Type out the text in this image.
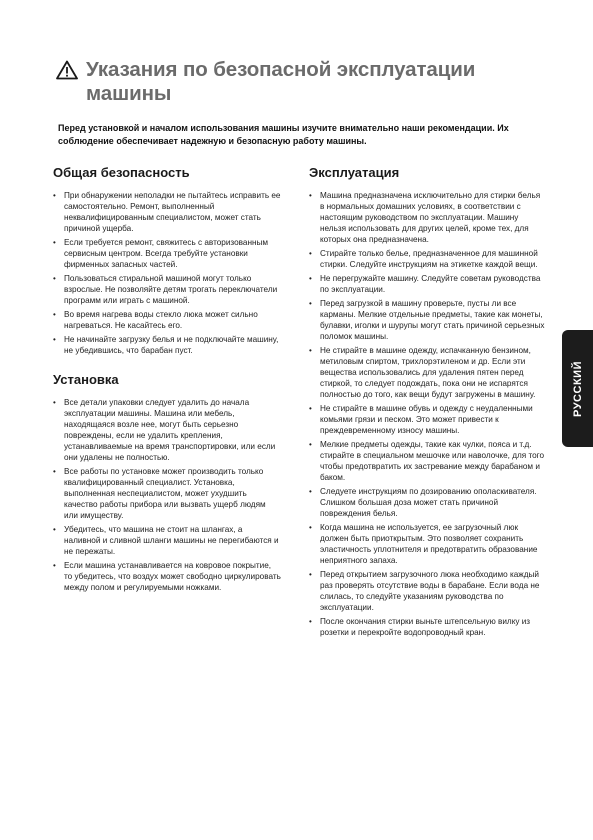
Указания по безопасной эксплуатации машины
Перед установкой и началом использования машины изучите внимательно наши рекомендации. Их соблюдение обеспечивает надежную и безопасную работу машины.
Общая безопасность
• При обнаружении неполадки не пытайтесь исправить ее самостоятельно. Ремонт, выполненный неквалифицированным специалистом, может стать причиной ущерба.
• Если требуется ремонт, свяжитесь с авторизованным сервисным центром. Всегда требуйте установки фирменных запасных частей.
• Пользоваться стиральной машиной могут только взрослые. Не позволяйте детям трогать переключатели программ или играть с машиной.
• Во время нагрева воды стекло люка может сильно нагреваться. Не касайтесь его.
• Не начинайте загрузку белья и не подключайте машину, не убедившись, что барабан пуст.
Установка
• Все детали упаковки следует удалить до начала эксплуатации машины. Машина или мебель, находящаяся возле нее, могут быть серьезно повреждены, если не удалить крепления, устанавливаемые на время транспортировки, или если они удалены не полностью.
• Все работы по установке может производить только квалифицированный специалист. Установка, выполненная неспециалистом, может ухудшить качество работы прибора или вызвать ущерб людям или имуществу.
• Убедитесь, что машина не стоит на шлангах, а наливной и сливной шланги машины не перегибаются и не пережаты.
• Если машина устанавливается на ковровое покрытие, то убедитесь, что воздух может свободно циркулировать между полом и регулируемыми ножками.
Эксплуатация
• Машина предназначена исключительно для стирки белья в нормальных домашних условиях, в соответствии с настоящим руководством по эксплуатации. Машину нельзя использовать для других целей, кроме тех, для которых она предназначена.
• Стирайте только белье, предназначенное для машинной стирки. Следуйте инструкциям на этикетке каждой вещи.
• Не перегружайте машину. Следуйте советам руководства по эксплуатации.
• Перед загрузкой в машину проверьте, пусты ли все карманы. Мелкие отдельные предметы, такие как монеты, булавки, иголки и шурупы могут стать причиной серьезных поломок машины.
• Не стирайте в машине одежду, испачканную бензином, метиловым спиртом, трихлорэтиленом и др. Если эти вещества использовались для удаления пятен перед стиркой, то следует подождать, пока они не испарятся полностью до того, как вещи будут загружены в машину.
• Не стирайте в машине обувь и одежду с неудаленными комьями грязи и песком. Это может привести к преждевременному износу машины.
• Мелкие предметы одежды, такие как чулки, пояса и т.д. стирайте в специальном мешочке или наволочке, для того чтобы предотвратить их застревание между барабаном и баком.
• Следуете инструкциям по дозированию ополаскивателя. Слишком большая доза может стать причиной повреждения белья.
• Когда машина не используется, ее загрузочный люк должен быть приоткрытым. Это позволяет сохранить эластичность уплотнителя и предотвратить образование неприятного запаха.
• Перед открытием загрузочного люка необходимо каждый раз проверять отсутствие воды в барабане. Если вода не слилась, то следуйте указаниям руководства по эксплуатации.
• После окончания стирки выньте штепсельную вилку из розетки и перекройте водопроводный кран.
РУССКИЙ
